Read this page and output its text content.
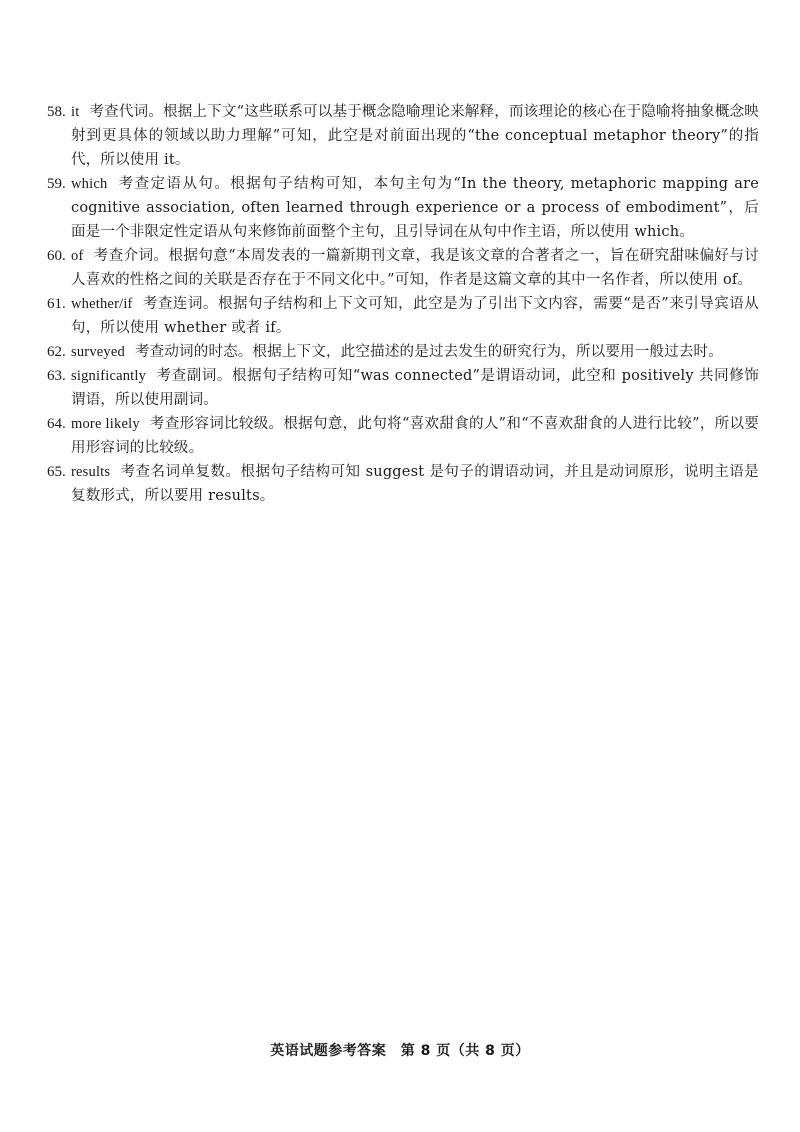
58. it 考查代词。根据上下文“这些联系可以基于概念隐喻理论来解释，而该理论的核心在于隐喻将抽象概念映射到更具体的领域以助力理解”可知，此空是对前面出现的“the conceptual metaphor theory”的指代，所以使用 it。
59. which 考查定语从句。根据句子结构可知，本句主句为“In the theory, metaphoric mapping are cognitive association, often learned through experience or a process of embodiment”，后面是一个非限定性定语从句来修饰前面整个主句，且引导词在从句中作主语，所以使用 which。
60. of 考查介词。根据句意“本周发表的一篇新期刊文章，我是该文章的合著者之一，旨在研究甜味偏好与讨人喜欢的性格之间的关联是否存在于不同文化中。”可知，作者是这篇文章的其中一名作者，所以使用 of。
61. whether/if 考查连词。根据句子结构和上下文可知，此空是为了引出下文内容，需要“是否”来引导宾语从句，所以使用 whether 或者 if。
62. surveyed 考查动词的时态。根据上下文，此空描述的是过去发生的研究行为，所以要用一般过去时。
63. significantly 考查副词。根据句子结构可知“was connected”是谓语动词，此空和 positively 共同修饰谓语，所以使用副词。
64. more likely 考查形容词比较级。根据句意，此句将“喜欢甜食的人”和“不喜欢甜食的人进行比较”，所以要用形容词的比较级。
65. results 考查名词单复数。根据句子结构可知 suggest 是句子的谓语动词，并且是动词原形，说明主语是复数形式，所以要用 results。
英语试题参考答案　第 8 页（共 8 页）
